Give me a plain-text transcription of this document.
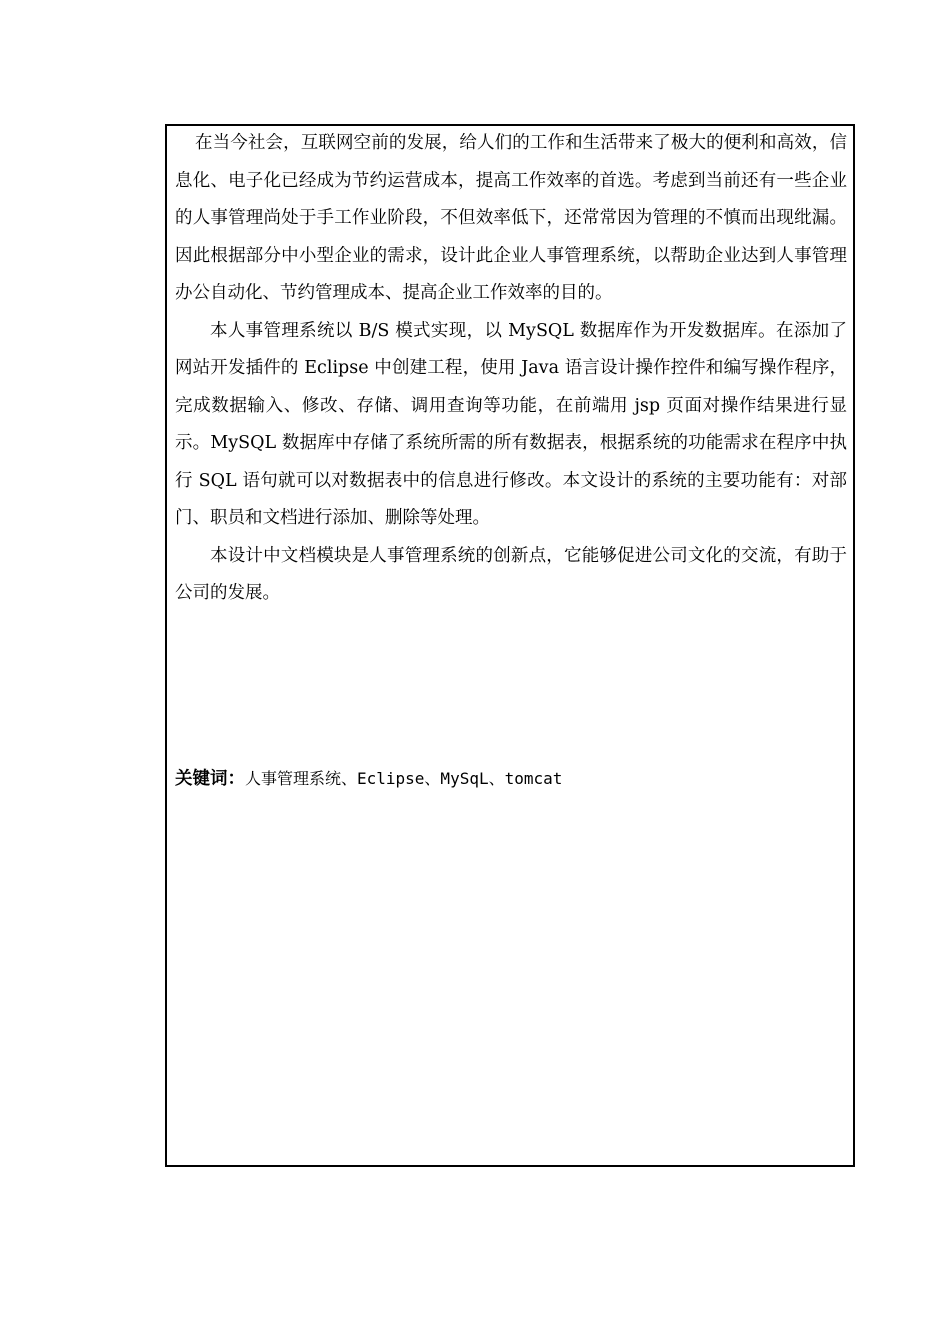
在当今社会，互联网空前的发展，给人们的工作和生活带来了极大的便利和高效，信息化、电子化已经成为节约运营成本，提高工作效率的首选。考虑到当前还有一些企业的人事管理尚处于手工作业阶段，不但效率低下，还常常因为管理的不慎而出现纰漏。因此根据部分中小型企业的需求，设计此企业人事管理系统，以帮助企业达到人事管理办公自动化、节约管理成本、提高企业工作效率的目的。

本人事管理系统以 B/S 模式实现，以 MySQL 数据库作为开发数据库。在添加了网站开发插件的 Eclipse 中创建工程，使用 Java 语言设计操作控件和编写操作程序，完成数据输入、修改、存储、调用查询等功能，在前端用 jsp 页面对操作结果进行显示。MySQL 数据库中存储了系统所需的所有数据表，根据系统的功能需求在程序中执行 SQL 语句就可以对数据表中的信息进行修改。本文设计的系统的主要功能有：对部门、职员和文档进行添加、删除等处理。

本设计中文档模块是人事管理系统的创新点，它能够促进公司文化的交流，有助于公司的发展。

关键词：人事管理系统、Eclipse、MySqL、tomcat
